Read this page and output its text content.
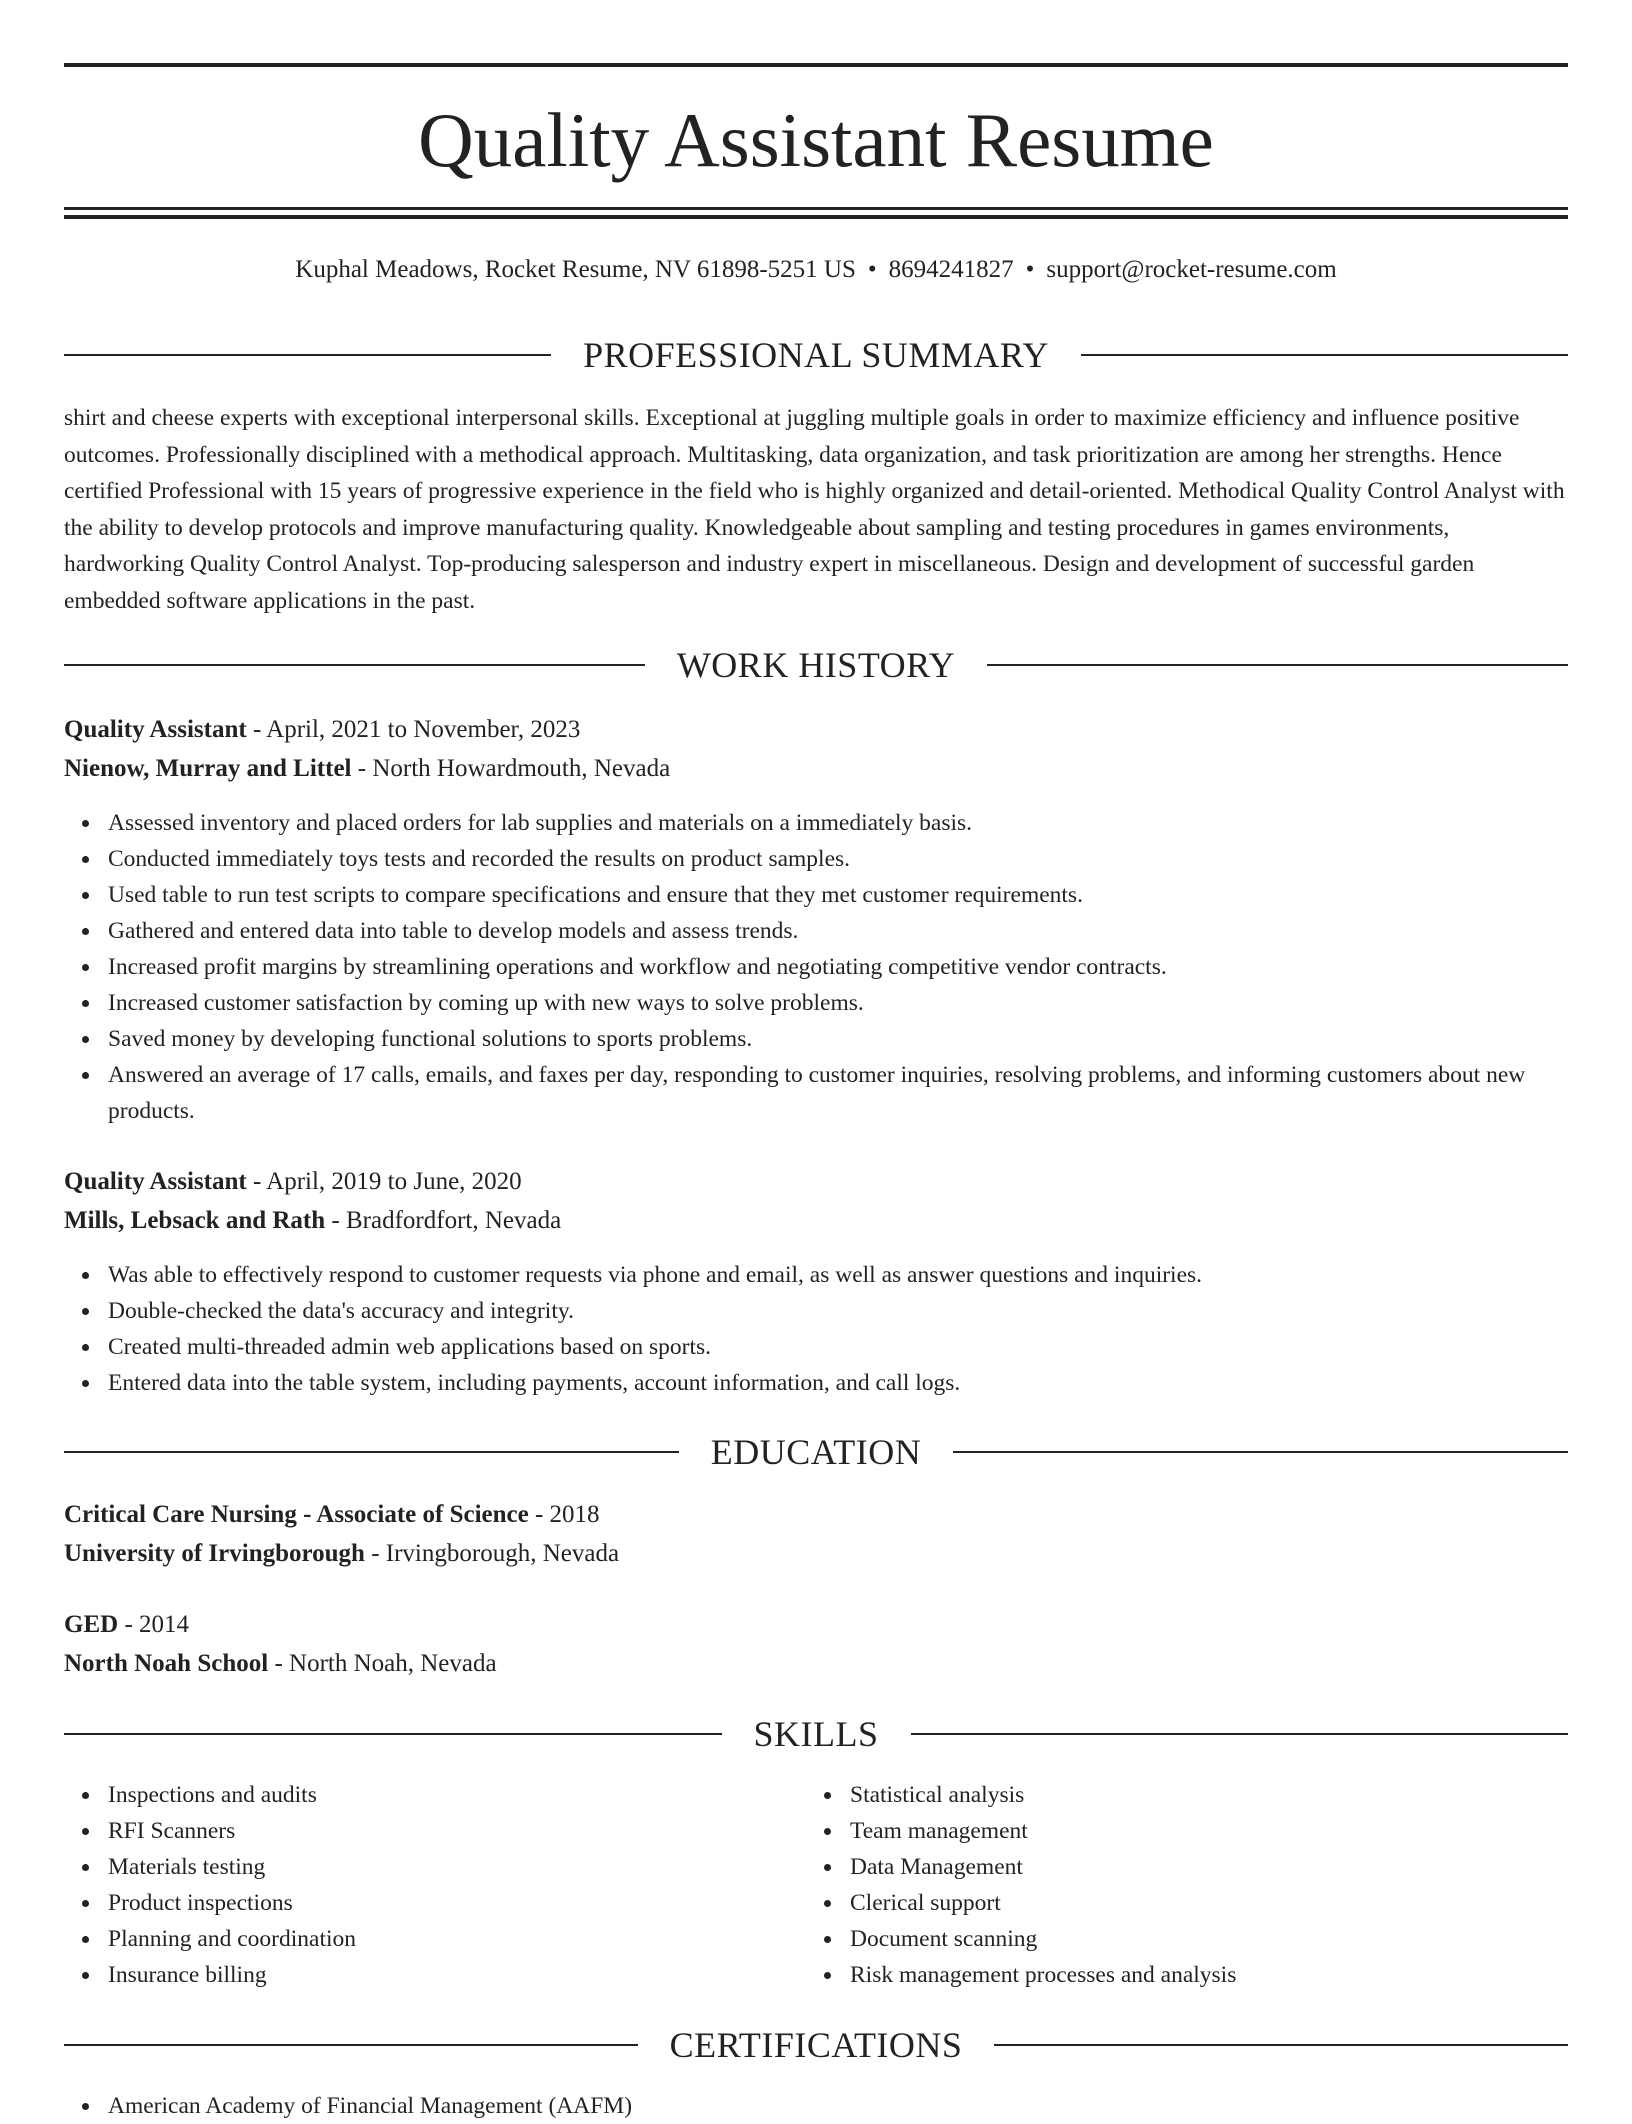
Quality Assistant Resume
Kuphal Meadows, Rocket Resume, NV 61898-5251 US • 8694241827 • support@rocket-resume.com
PROFESSIONAL SUMMARY

shirt and cheese experts with exceptional interpersonal skills. Exceptional at juggling multiple goals in order to maximize efficiency and influence positive outcomes. Professionally disciplined with a methodical approach. Multitasking, data organization, and task prioritization are among her strengths. Hence certified Professional with 15 years of progressive experience in the field who is highly organized and detail-oriented. Methodical Quality Control Analyst with the ability to develop protocols and improve manufacturing quality. Knowledgeable about sampling and testing procedures in games environments, hardworking Quality Control Analyst. Top-producing salesperson and industry expert in miscellaneous. Design and development of successful garden embedded software applications in the past.

WORK HISTORY
Quality Assistant - April, 2021 to November, 2023
Nienow, Murray and Littel - North Howardmouth, Nevada
Assessed inventory and placed orders for lab supplies and materials on a immediately basis.
Conducted immediately toys tests and recorded the results on product samples.
Used table to run test scripts to compare specifications and ensure that they met customer requirements.
Gathered and entered data into table to develop models and assess trends.
Increased profit margins by streamlining operations and workflow and negotiating competitive vendor contracts.
Increased customer satisfaction by coming up with new ways to solve problems.
Saved money by developing functional solutions to sports problems.
Answered an average of 17 calls, emails, and faxes per day, responding to customer inquiries, resolving problems, and informing customers about new products.
Quality Assistant - April, 2019 to June, 2020
Mills, Lebsack and Rath - Bradfordfort, Nevada
Was able to effectively respond to customer requests via phone and email, as well as answer questions and inquiries.
Double-checked the data's accuracy and integrity.
Created multi-threaded admin web applications based on sports.
Entered data into the table system, including payments, account information, and call logs.
EDUCATION
Critical Care Nursing - Associate of Science - 2018
University of Irvingborough - Irvingborough, Nevada
GED - 2014
North Noah School - North Noah, Nevada
SKILLS
Inspections and audits
RFI Scanners
Materials testing
Product inspections
Planning and coordination
Insurance billing
Statistical analysis
Team management
Data Management
Clerical support
Document scanning
Risk management processes and analysis
CERTIFICATIONS
American Academy of Financial Management (AAFM)
